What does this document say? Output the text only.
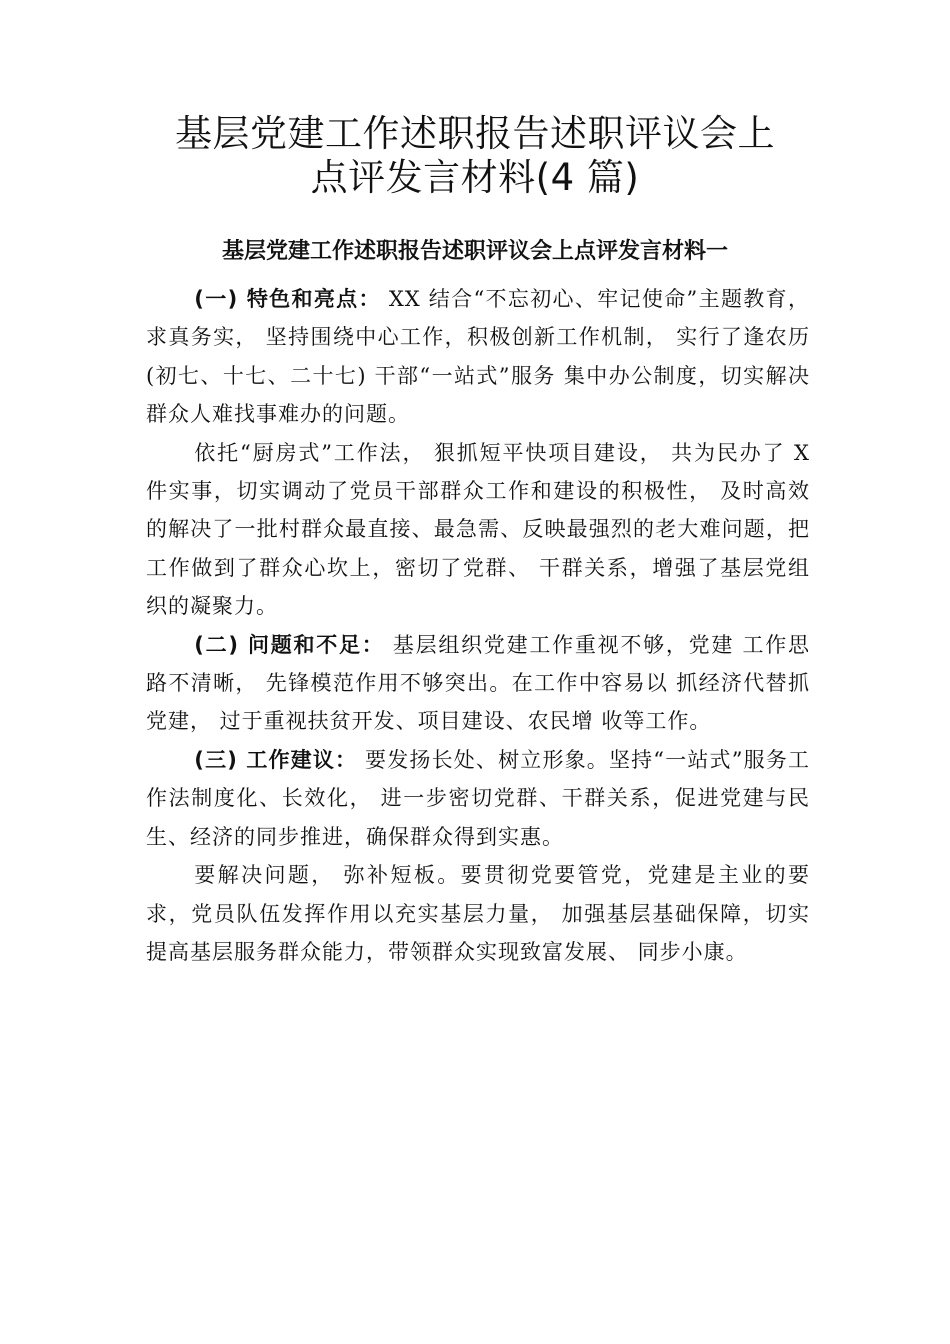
基层党建工作述职报告述职评议会上
点评发言材料(4 篇)
基层党建工作述职报告述职评议会上点评发言材料一

(一) 特色和亮点： XX 结合“不忘初心、牢记使命”主题教育，求真务实， 坚持围绕中心工作，积极创新工作机制， 实行了逢农历(初七、十七、二十七) 干部“一站式”服务 集中办公制度，切实解决群众人难找事难办的问题。

依托“厨房式”工作法， 狠抓短平快项目建设， 共为民办了 X 件实事，切实调动了党员干部群众工作和建设的积极性， 及时高效的解决了一批村群众最直接、最急需、反映最强烈的老大难问题，把工作做到了群众心坎上，密切了党群、 干群关系，增强了基层党组织的凝聚力。

(二) 问题和不足： 基层组织党建工作重视不够，党建 工作思路不清晰， 先锋模范作用不够突出。在工作中容易以 抓经济代替抓党建， 过于重视扶贫开发、项目建设、农民增 收等工作。

(三) 工作建议： 要发扬长处、树立形象。坚持“一站式”服务工作法制度化、长效化， 进一步密切党群、干群关系，促进党建与民生、经济的同步推进，确保群众得到实惠。

要解决问题， 弥补短板。要贯彻党要管党，党建是主业的要求，党员队伍发挥作用以充实基层力量， 加强基层基础保障，切实提高基层服务群众能力，带领群众实现致富发展、 同步小康。
